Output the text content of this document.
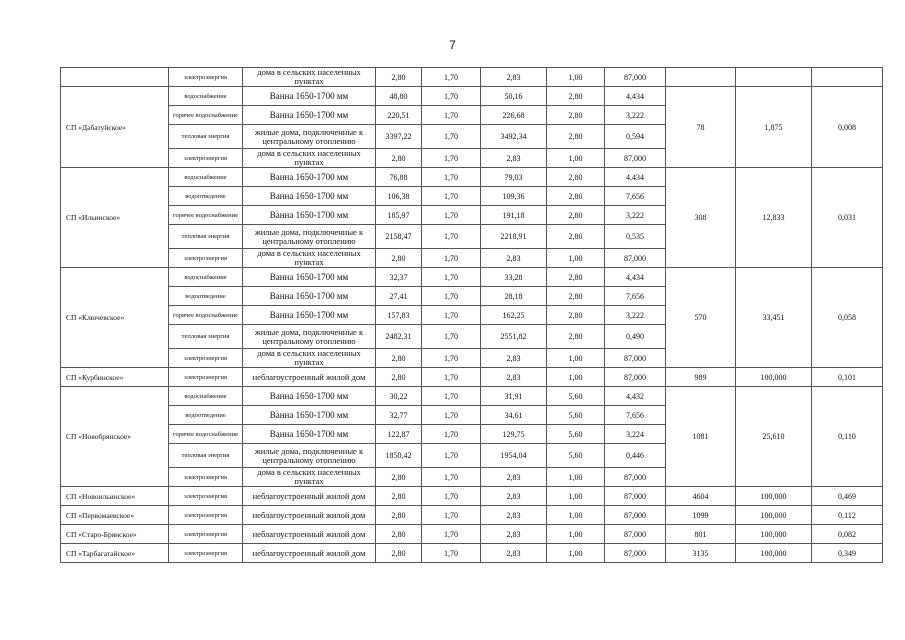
7
	электроэнергия	дома в сельских населенных пунктах	2,80	1,70	2,83	1,00	87,000			
СП «Дабатуйское»	водоснабжение	Ванна 1650-1700 мм	48,80	1,70	50,16	2,80	4,434	78	1,875	0,008
	горячее водоснабжение	Ванна 1650-1700 мм	220,51	1,70	226,68	2,80	3,222			
	тепловая энергия	жилые дома, подключенные к центральному отоплению	3397,22	1,70	3492,34	2,80	0,594			
	электроэнергия	дома в сельских населенных пунктах	2,80	1,70	2,83	1,00	87,000			
СП «Ильинское»	водоснабжение	Ванна 1650-1700 мм	76,88	1,70	79,03	2,80	4,434	308	12,833	0,031
	водоотведение	Ванна 1650-1700 мм	106,38	1,70	109,36	2,80	7,656			
	горячее водоснабжение	Ванна 1650-1700 мм	185,97	1,70	191,18	2,80	3,222			
	тепловая энергия	жилые дома, подключенные к центральному отоплению	2158,47	1,70	2218,91	2,80	0,535			
	электроэнергия	дома в сельских населенных пунктах	2,80	1,70	2,83	1,00	87,000			
СП «Ключевское»	водоснабжение	Ванна 1650-1700 мм	32,37	1,70	33,28	2,80	4,434	570	33,451	0,058
	водоотведение	Ванна 1650-1700 мм	27,41	1,70	28,18	2,80	7,656			
	горячее водоснабжение	Ванна 1650-1700 мм	157,83	1,70	162,25	2,80	3,222			
	тепловая энергия	жилые дома, подключенные к центральному отоплению	2482,31	1,70	2551,82	2,80	0,490			
	электроэнергия	дома в сельских населенных пунктах	2,80	1,70	2,83	1,00	87,000			
СП «Курбинское»	электроэнергия	неблагоустроенный жилой дом	2,80	1,70	2,83	1,00	87,000	989	100,000	0,101
СП «Новобрянское»	водоснабжение	Ванна 1650-1700 мм	30,22	1,70	31,91	5,60	4,432	1081	25,610	0,110
	водоотведение	Ванна 1650-1700 мм	32,77	1,70	34,61	5,60	7,656			
	горячее водоснабжение	Ванна 1650-1700 мм	122,87	1,70	129,75	5,60	3,224			
	тепловая энергия	жилые дома, подключенные к центральному отоплению	1850,42	1,70	1954,04	5,60	0,446			
	электроэнергия	дома в сельских населенных пунктах	2,80	1,70	2,83	1,00	87,000			
СП «Новоильинское»	электроэнергия	неблагоустроенный жилой дом	2,80	1,70	2,83	1,00	87,000	4604	100,000	0,469
СП «Первомаевское»	электроэнергия	неблагоустроенный жилой дом	2,80	1,70	2,83	1,00	87,000	1099	100,000	0,112
СП «Старо-Брянское»	электроэнергия	неблагоустроенный жилой дом	2,80	1,70	2,83	1,00	87,000	801	100,000	0,082
СП «Тарбагатайское»	электроэнергия	неблагоустроенный жилой дом	2,80	1,70	2,83	1,00	87,000	3135	100,000	0,349
